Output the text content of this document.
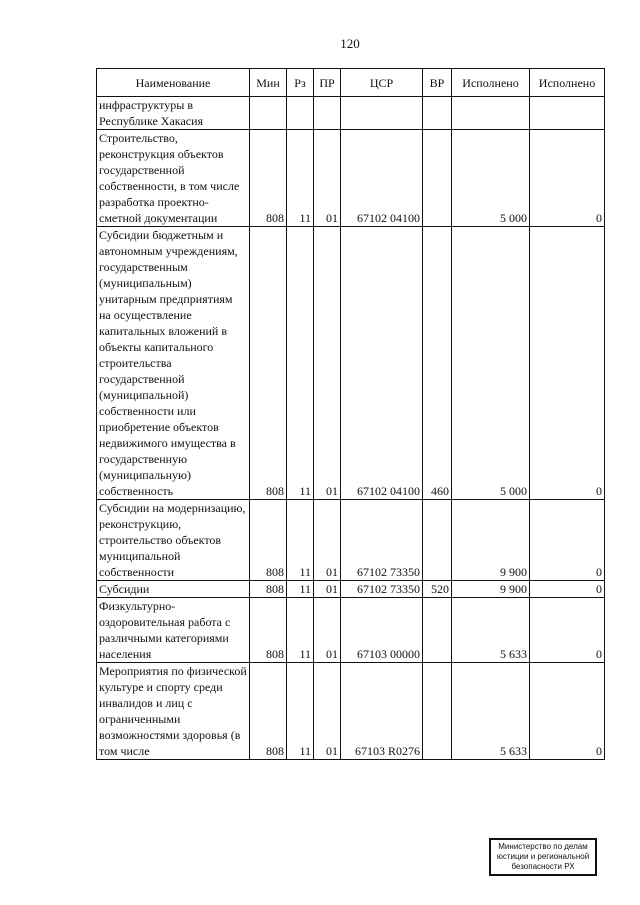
120
Наименование	Мин	Рз	ПР	ЦСР	ВР	Исполнено	Исполнено
инфраструктуры в Республике Хакасия							
Строительство, реконструкция объектов государственной собственности, в том числе разработка проектно-сметной документации	808	11	01	67102 04100		5 000	0
Субсидии бюджетным и автономным учреждениям, государственным (муниципальным) унитарным предприятиям на осуществление капитальных вложений в объекты капитального строительства государственной (муниципальной) собственности или приобретение объектов недвижимого имущества в государственную (муниципальную) собственность	808	11	01	67102 04100	460	5 000	0
Субсидии на модернизацию, реконструкцию, строительство объектов муниципальной собственности	808	11	01	67102 73350		9 900	0
Субсидии	808	11	01	67102 73350	520	9 900	0
Физкультурно-оздоровительная работа с различными категориями населения	808	11	01	67103 00000		5 633	0
Мероприятия по физической культуре и спорту среди инвалидов и лиц с ограниченными возможностями здоровья (в том числе	808	11	01	67103 R0276		5 633	0
Министерство по делам
юстиции и региональной
безопасности РХ
